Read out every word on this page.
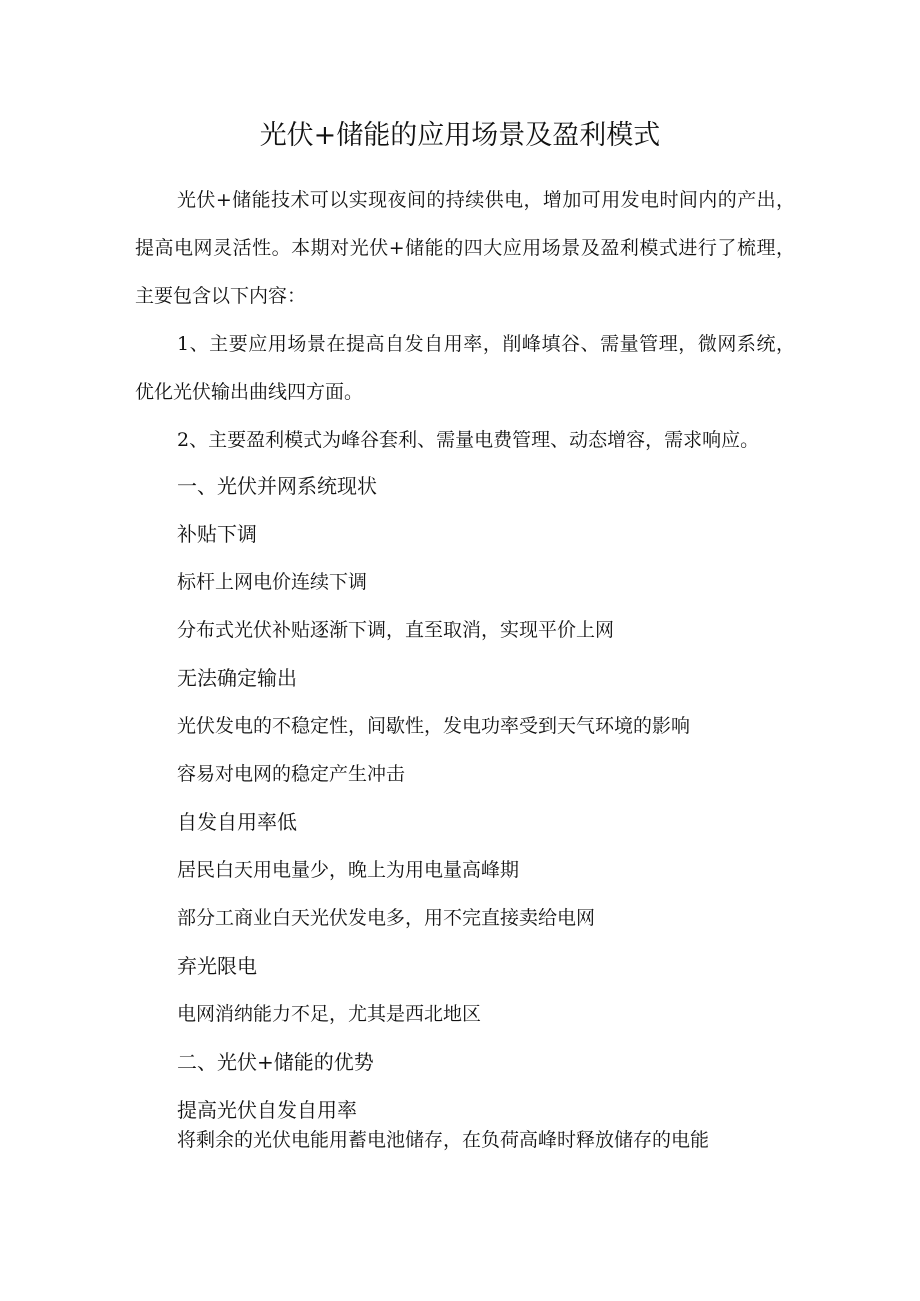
光伏+储能的应用场景及盈利模式

光伏+储能技术可以实现夜间的持续供电，增加可用发电时间内的产出，提高电网灵活性。本期对光伏+储能的四大应用场景及盈利模式进行了梳理，主要包含以下内容：

1、主要应用场景在提高自发自用率，削峰填谷、需量管理，微网系统，优化光伏输出曲线四方面。

2、主要盈利模式为峰谷套利、需量电费管理、动态增容，需求响应。

一、光伏并网系统现状
补贴下调
标杆上网电价连续下调
分布式光伏补贴逐渐下调，直至取消，实现平价上网
无法确定输出
光伏发电的不稳定性，间歇性，发电功率受到天气环境的影响
容易对电网的稳定产生冲击
自发自用率低
居民白天用电量少，晚上为用电量高峰期
部分工商业白天光伏发电多，用不完直接卖给电网
弃光限电
电网消纳能力不足，尤其是西北地区
二、光伏+储能的优势
提高光伏自发自用率
将剩余的光伏电能用蓄电池储存，在负荷高峰时释放储存的电能
